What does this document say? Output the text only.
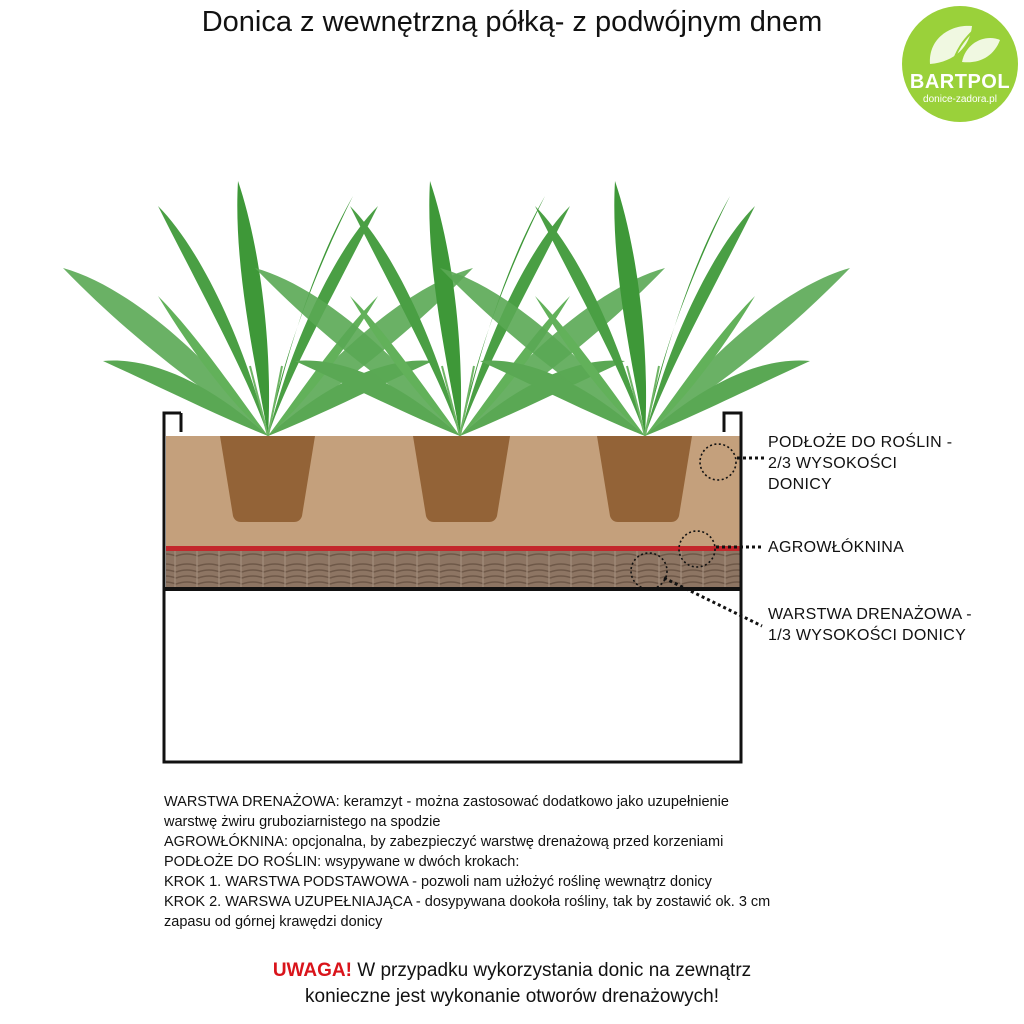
Donica z wewnętrzną półką- z podwójnym dnem
BARTPOL
donice-zadora.pl
PODŁOŻE DO ROŚLIN -
2/3 WYSOKOŚCI
DONICY
AGROWŁÓKNINA
WARSTWA DRENAŻOWA -
1/3 WYSOKOŚCI DONICY
WARSTWA DRENAŻOWA: keramzyt - można zastosować dodatkowo jako uzupełnienie
warstwę żwiru gruboziarnistego na spodzie
AGROWŁÓKNINA: opcjonalna, by zabezpieczyć warstwę drenażową przed korzeniami
PODŁOŻE DO ROŚLIN: wsypywane w dwóch krokach:
KROK 1. WARSTWA PODSTAWOWA - pozwoli nam użłożyć roślinę wewnątrz donicy
KROK 2. WARSWA UZUPEŁNIAJĄCA - dosypywana dookoła rośliny, tak by zostawić ok. 3 cm
zapasu od górnej krawędzi donicy
UWAGA! W przypadku wykorzystania donic na zewnątrz
konieczne jest wykonanie otworów drenażowych!
